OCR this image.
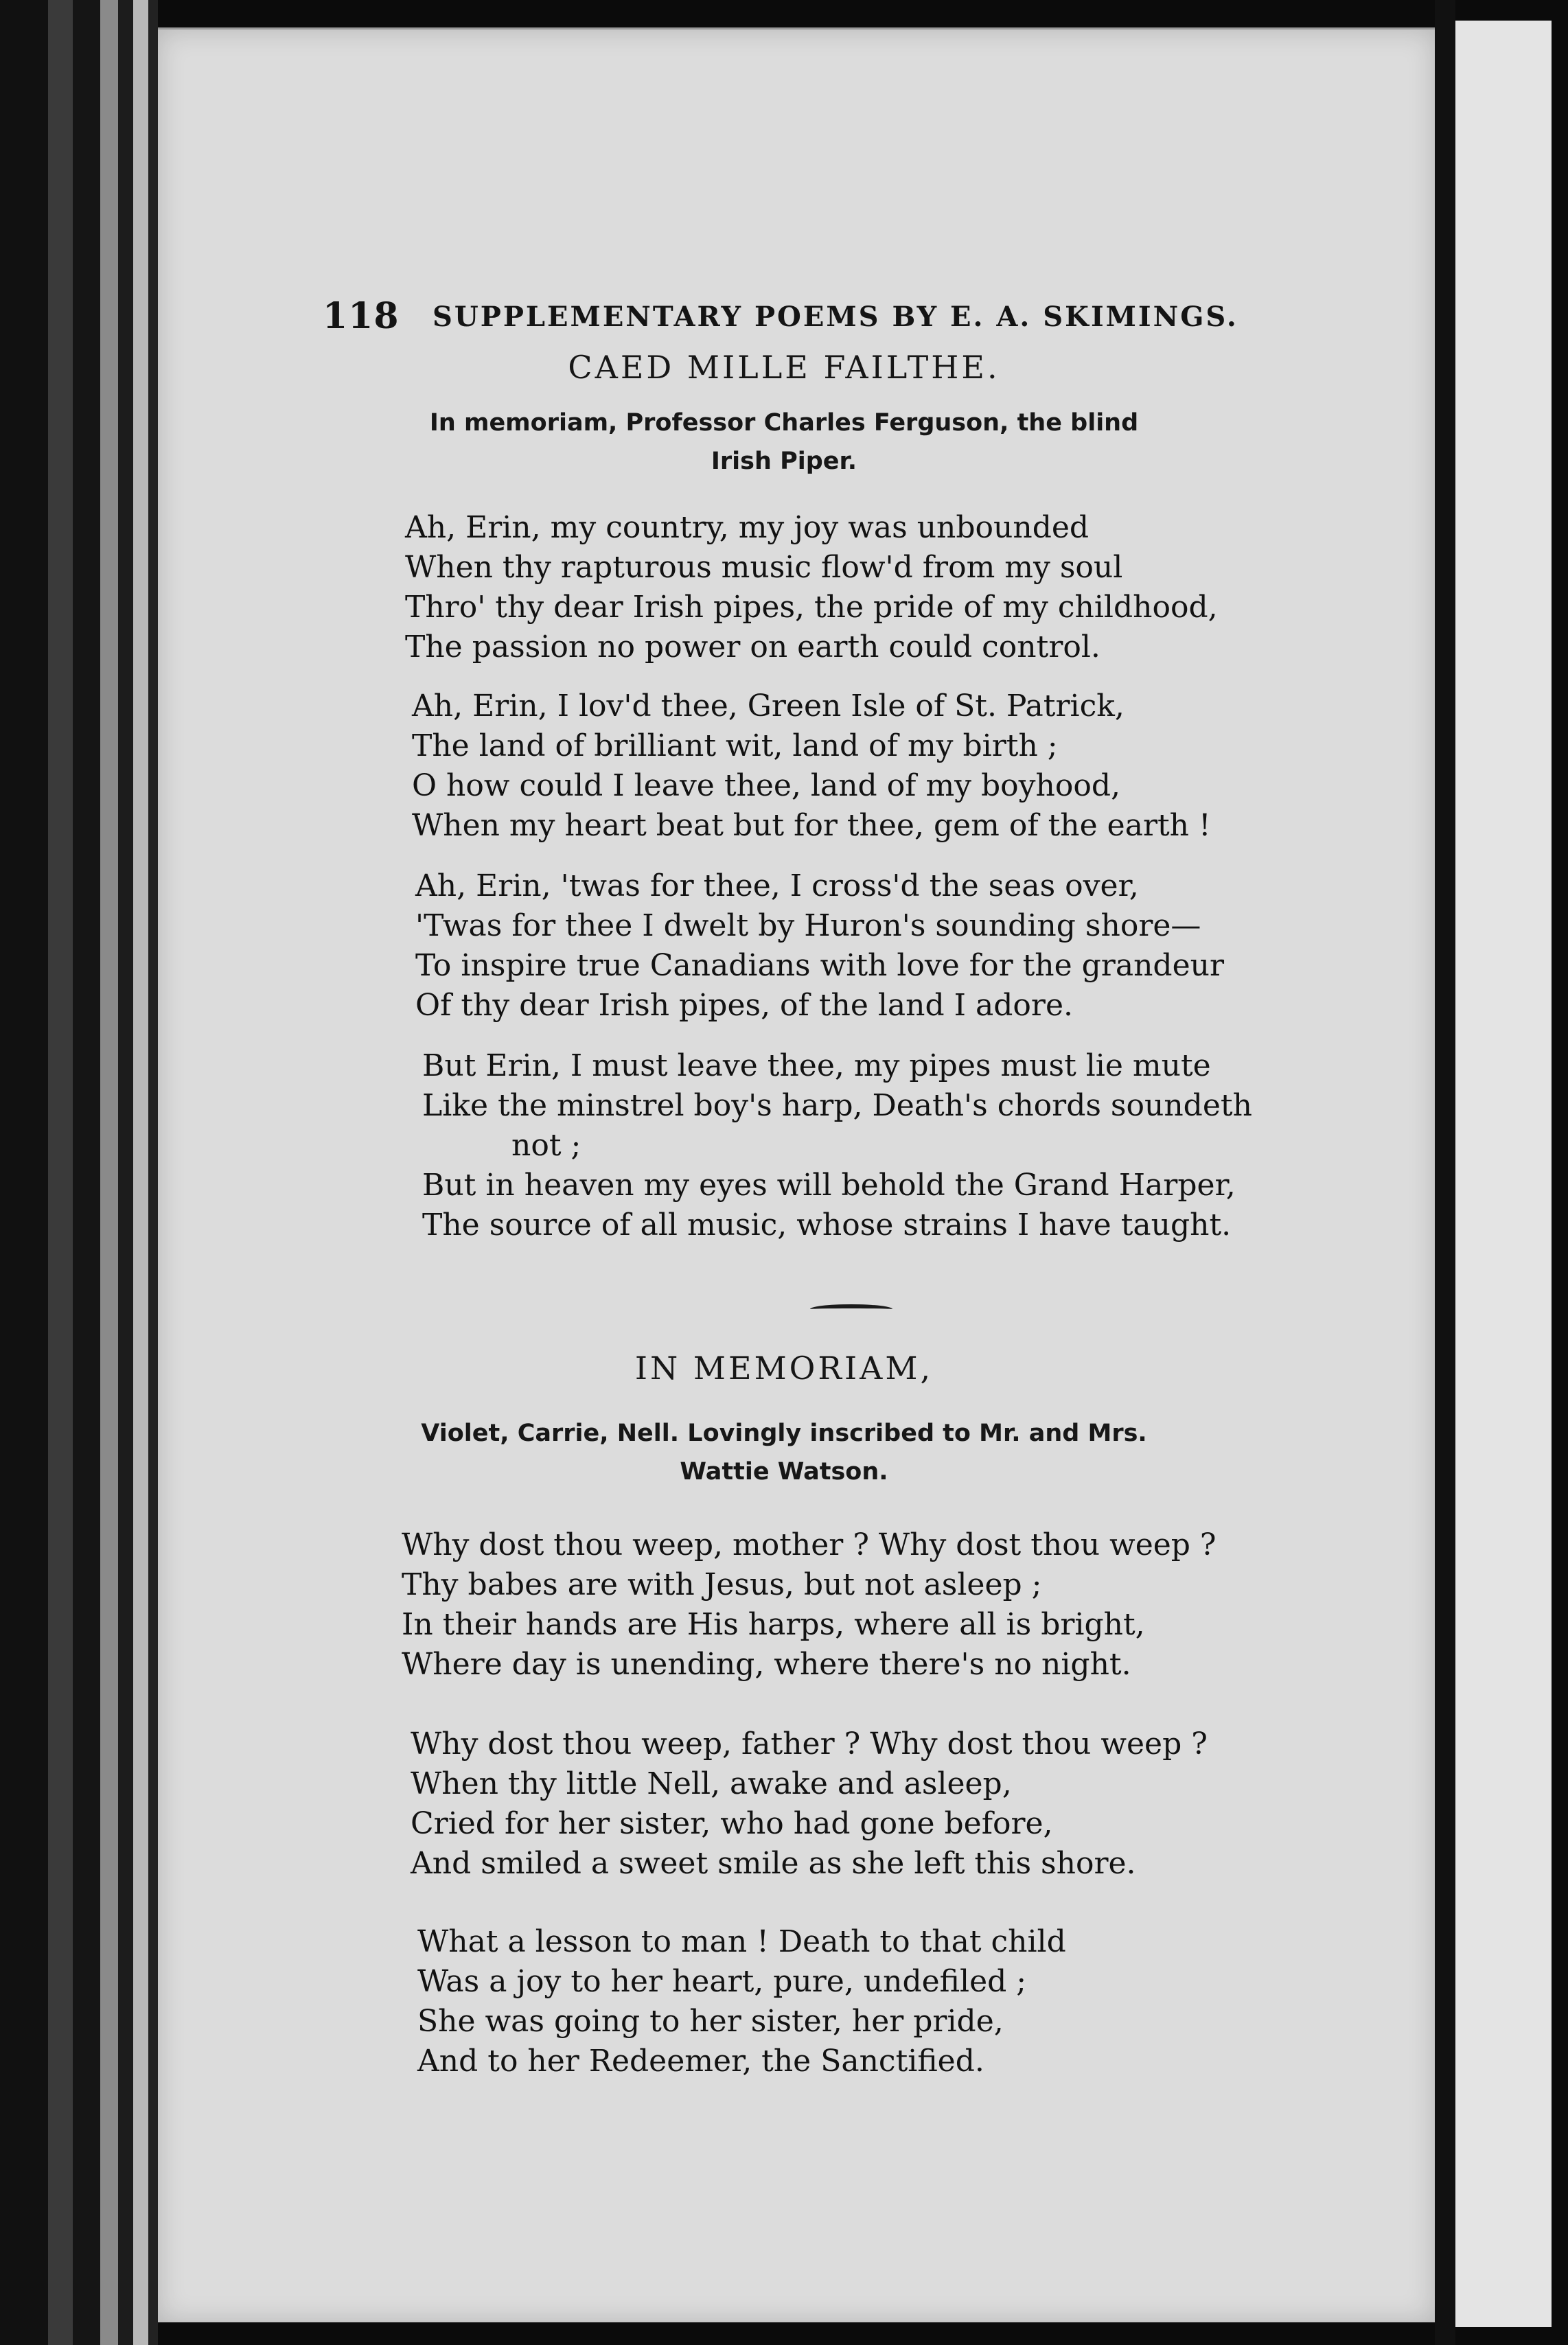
118 SUPPLEMENTARY POEMS BY E. A. SKIMINGS.
CAED MILLE FAILTHE.
In memoriam, Professor Charles Ferguson, the blind
Irish Piper.
Ah, Erin, my country, my joy was unbounded
When thy rapturous music flow'd from my soul
Thro' thy dear Irish pipes, the pride of my childhood,
The passion no power on earth could control.
Ah, Erin, I lov'd thee, Green Isle of St. Patrick,
The land of brilliant wit, land of my birth ;
O how could I leave thee, land of my boyhood,
When my heart beat but for thee, gem of the earth !
Ah, Erin, 'twas for thee, I cross'd the seas over,
'Twas for thee I dwelt by Huron's sounding shore—
To inspire true Canadians with love for the grandeur
Of thy dear Irish pipes, of the land I adore.
But Erin, I must leave thee, my pipes must lie mute
Like the minstrel boy's harp, Death's chords soundeth
not ;
But in heaven my eyes will behold the Grand Harper,
The source of all music, whose strains I have taught.
IN MEMORIAM,
Violet, Carrie, Nell. Lovingly inscribed to Mr. and Mrs.
Wattie Watson.
Why dost thou weep, mother ? Why dost thou weep ?
Thy babes are with Jesus, but not asleep ;
In their hands are His harps, where all is bright,
Where day is unending, where there's no night.
Why dost thou weep, father ? Why dost thou weep ?
When thy little Nell, awake and asleep,
Cried for her sister, who had gone before,
And smiled a sweet smile as she left this shore.
What a lesson to man ! Death to that child
Was a joy to her heart, pure, undefiled ;
She was going to her sister, her pride,
And to her Redeemer, the Sanctified.
